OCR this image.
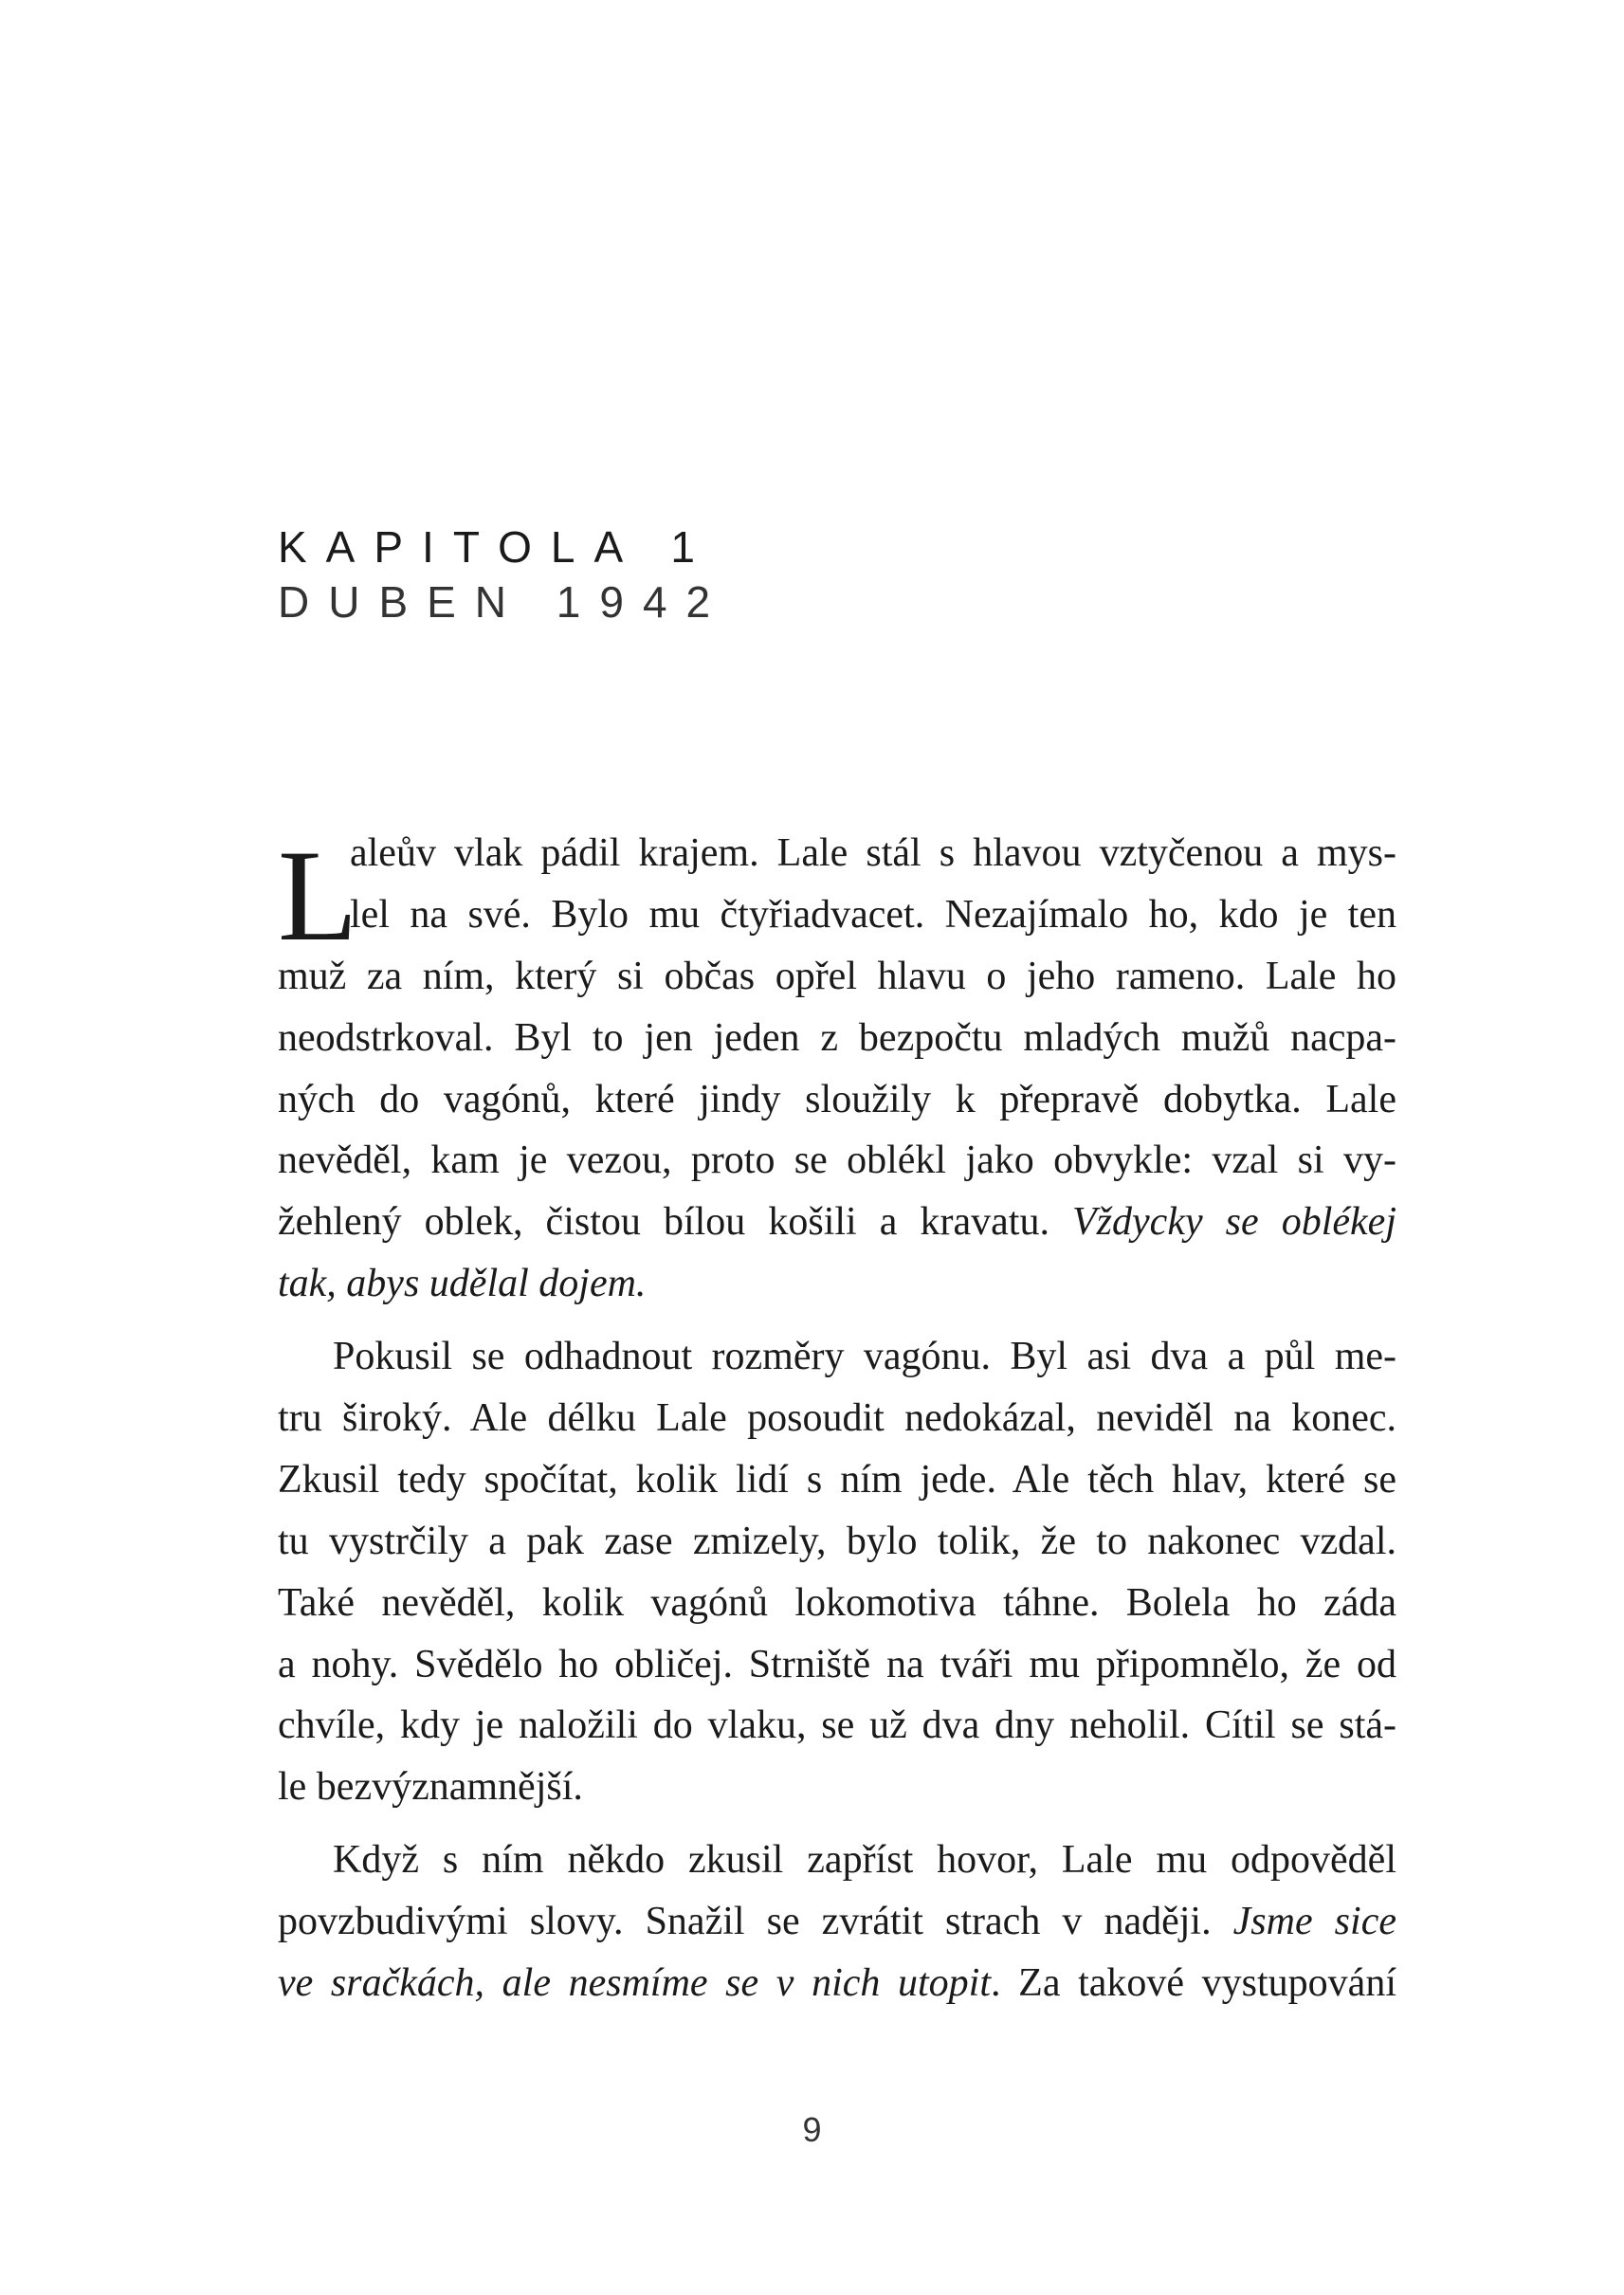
KAPITOLA 1
DUBEN 1942
L
aleův vlak pádil krajem. Lale stál s hlavou vztyčenou a mys-
lel na své. Bylo mu čtyřiadvacet. Nezajímalo ho, kdo je ten
muž za ním, který si občas opřel hlavu o jeho rameno. Lale ho
neodstrkoval. Byl to jen jeden z bezpočtu mladých mužů nacpa-
ných do vagónů, které jindy sloužily k přepravě dobytka. Lale
nevěděl, kam je vezou, proto se oblékl jako obvykle: vzal si vy-
žehlený oblek, čistou bílou košili a kravatu. Vždycky se oblékej
tak, abys udělal dojem.
Pokusil se odhadnout rozměry vagónu. Byl asi dva a půl me-
tru široký. Ale délku Lale posoudit nedokázal, neviděl na konec.
Zkusil tedy spočítat, kolik lidí s ním jede. Ale těch hlav, které se
tu vystrčily a pak zase zmizely, bylo tolik, že to nakonec vzdal.
Také nevěděl, kolik vagónů lokomotiva táhne. Bolela ho záda
a nohy. Svědělo ho obličej. Strniště na tváři mu připomnělo, že od
chvíle, kdy je naložili do vlaku, se už dva dny neholil. Cítil se stá-
le bezvýznamnější.
Když s ním někdo zkusil zapříst hovor, Lale mu odpověděl
povzbudivými slovy. Snažil se zvrátit strach v naději. Jsme sice
ve sračkách, ale nesmíme se v nich utopit. Za takové vystupování
9
